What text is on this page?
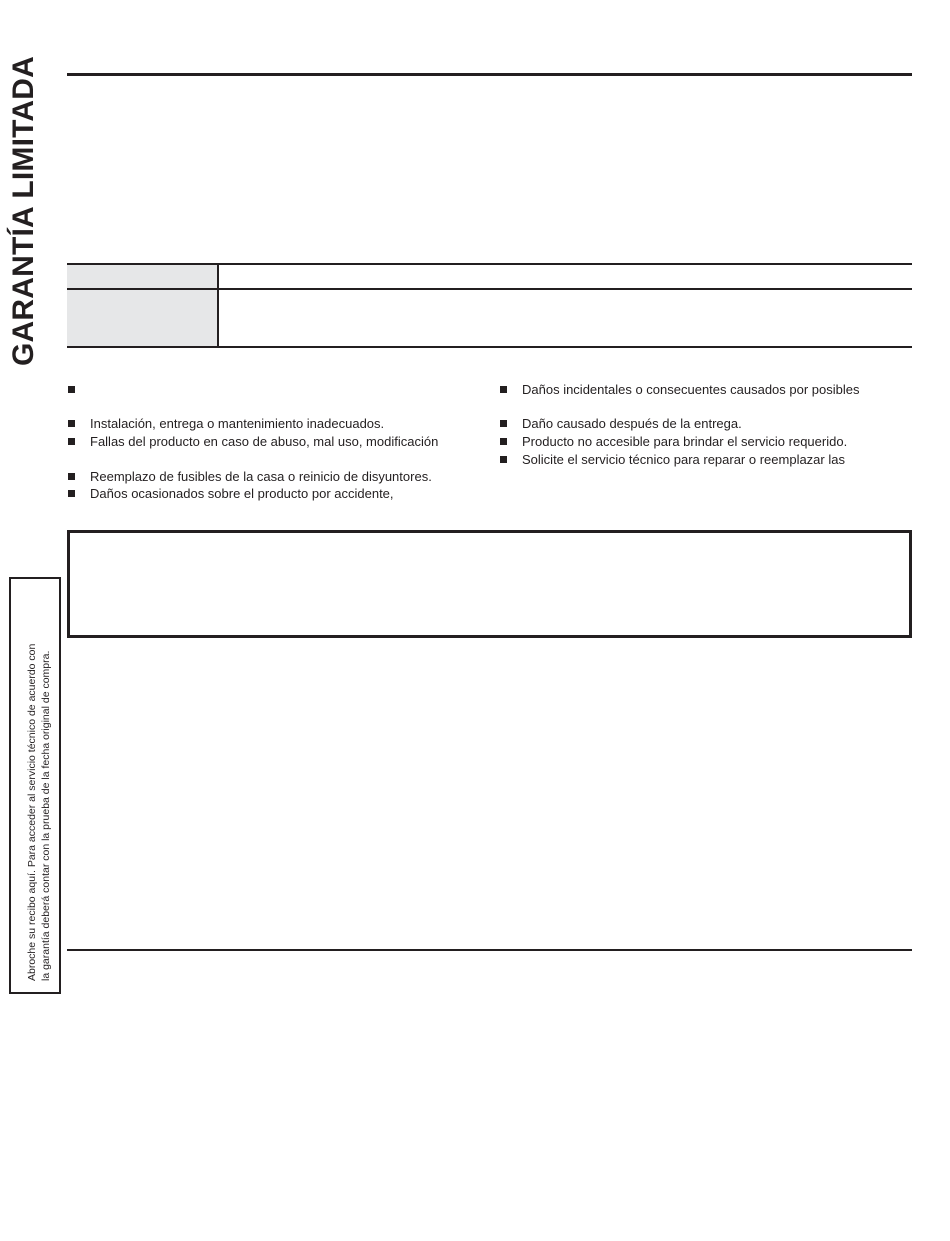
GARANTÍA LIMITADA
Instalación, entrega o mantenimiento inadecuados.
Fallas del producto en caso de abuso, mal uso, modificación
Reemplazo de fusibles de la casa o reinicio de disyuntores.
Daños ocasionados sobre el producto por accidente,
Daños incidentales o consecuentes causados por posibles
Daño causado después de la entrega.
Producto no accesible para brindar el servicio requerido.
Solicite el servicio técnico para reparar o reemplazar las
Abroche su recibo aquí. Para acceder al servicio técnico de acuerdo con la garantía deberá contar con la prueba de la fecha original de compra.
